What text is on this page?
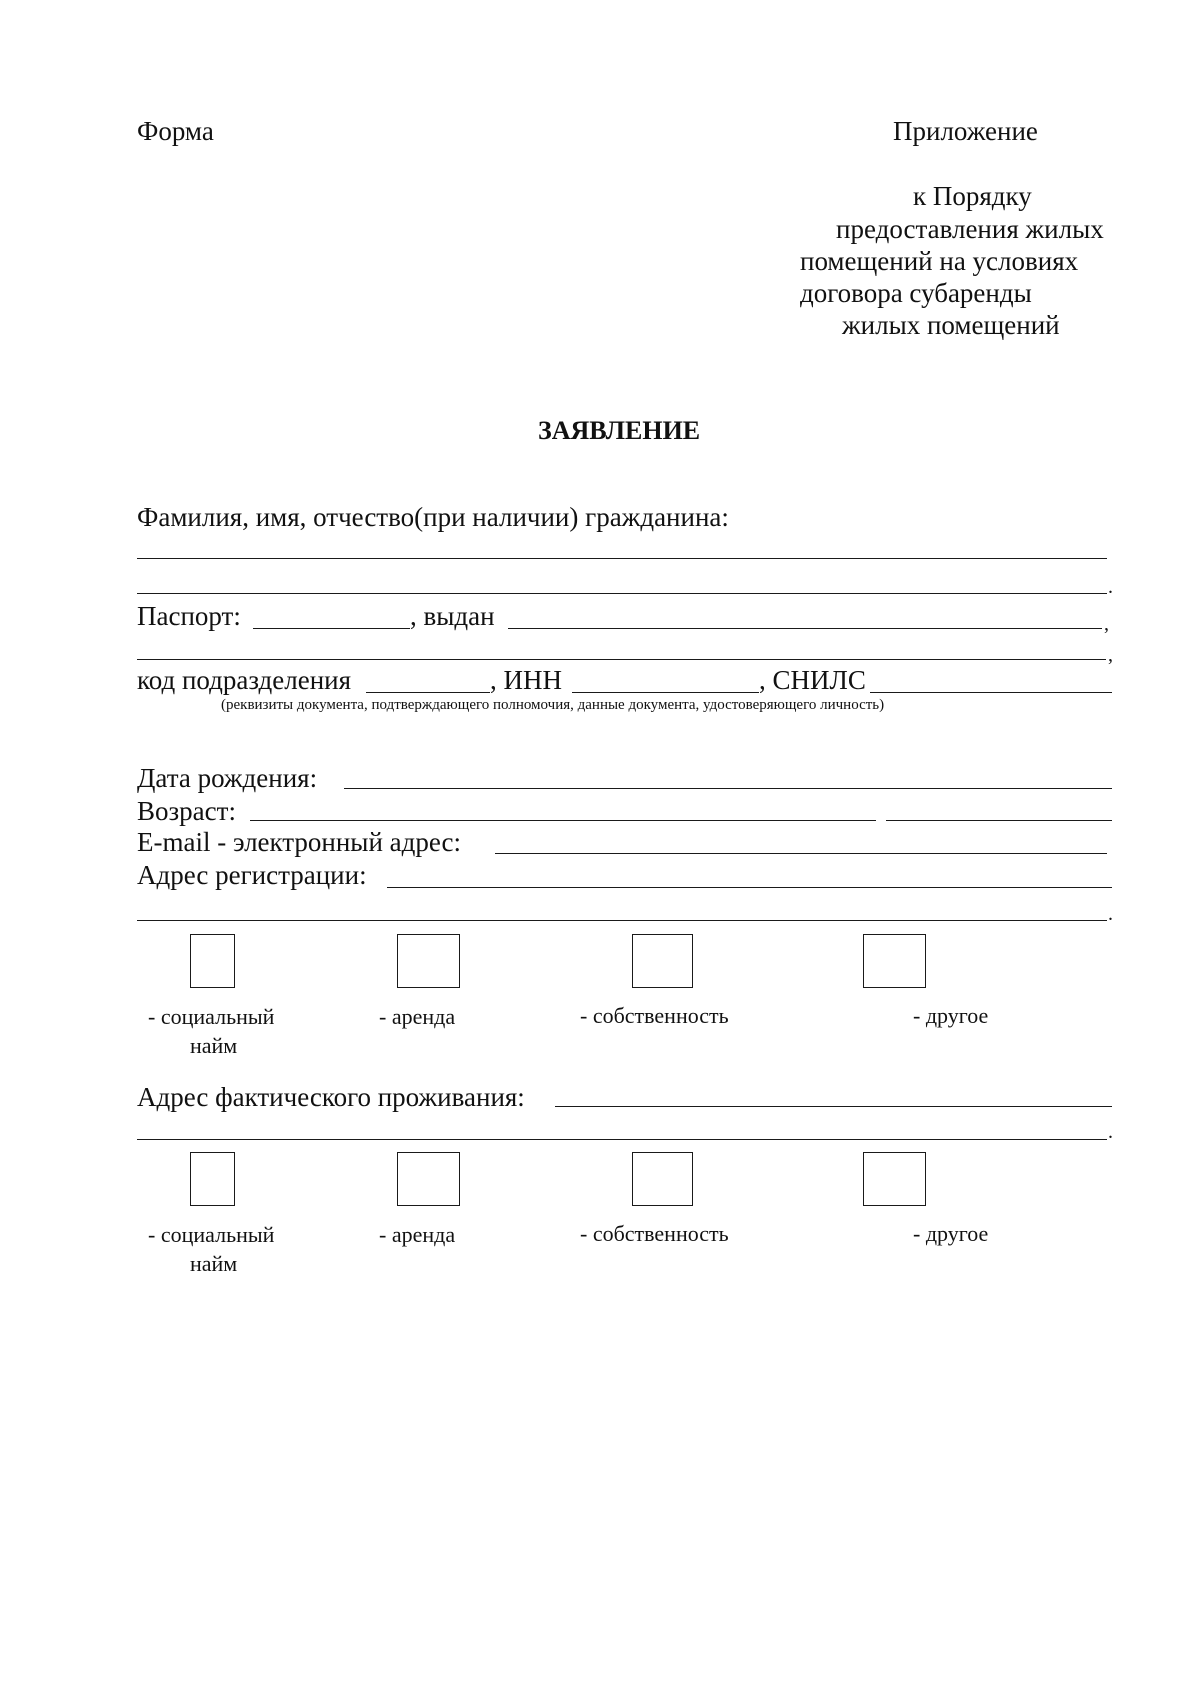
Форма	Приложение
к Порядку
предоставления жилых
помещений на условиях
договора субаренды
жилых помещений
ЗАЯВЛЕНИЕ
Фамилия, имя, отчество(при наличии) гражданина:
.
Паспорт:	, выдан	,
,
код подразделения	, ИНН	, СНИЛС
(реквизиты документа, подтверждающего полномочия, данные документа, удостоверяющего личность)
Дата рождения:
Возраст:
E-mail - электронный адрес:
Адрес регистрации:
.
- социальный
найм
- аренда	- собственность	- другое
Адрес фактического проживания:
.
- социальный
найм
- аренда	- собственность	- другое
